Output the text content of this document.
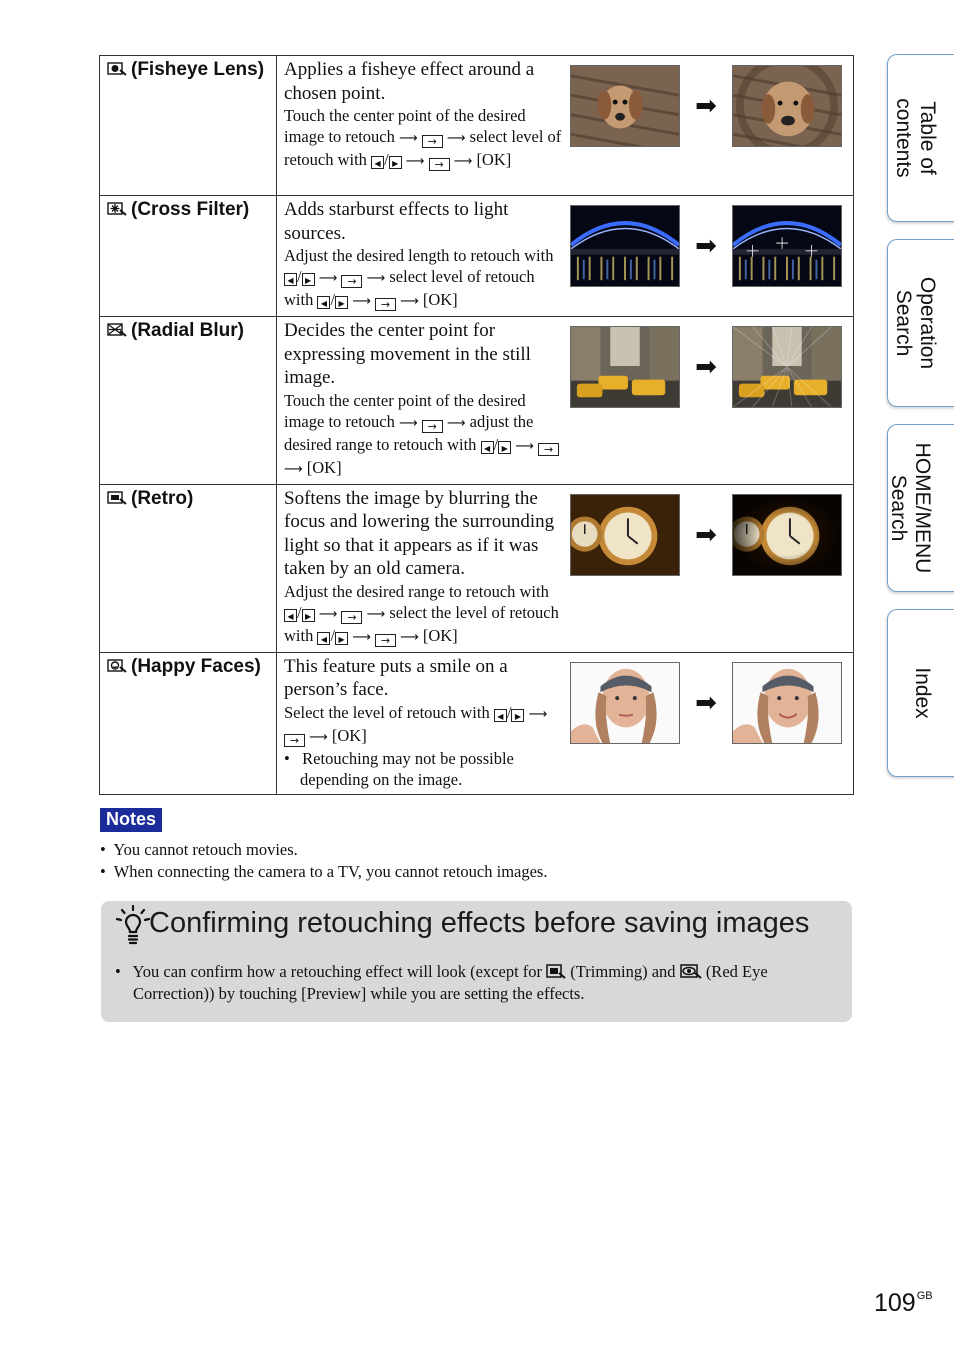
(Fisheye Lens)	Applies a fisheye effect around a chosen point.
Touch the center point of the desired image to retouch ⟶ → ⟶ select level of retouch with ◀ / ▶ ⟶ → ⟶ [OK]
➡

(Cross Filter)	Adds starburst effects to light sources.
Adjust the desired length to retouch with ◀ / ▶ ⟶ → ⟶ select level of retouch with ◀ / ▶ ⟶ → ⟶ [OK]
➡

(Radial Blur)	Decides the center point for expressing movement in the still image.
Touch the center point of the desired image to retouch ⟶ → ⟶ adjust the desired range to retouch with ◀ / ▶ ⟶ → ⟶ [OK]
➡

(Retro)	Softens the image by blurring the focus and lowering the surrounding light so that it appears as if it was taken by an old camera.
Adjust the desired range to retouch with ◀ / ▶ ⟶ → ⟶ select the level of retouch with ◀ / ▶ ⟶ → ⟶ [OK]
➡

(Happy Faces)	This feature puts a smile on a person’s face.
Select the level of retouch with ◀ / ▶ ⟶ → ⟶ [OK]
•   Retouching may not be possible depending on the image.
➡
Notes
•  You cannot retouch movies.
•  When connecting the camera to a TV, you cannot retouch images.
Confirming retouching effects before saving images
•   You can confirm how a retouching effect will look (except for  (Trimming) and  (Red Eye Correction)) by touching [Preview] while you are setting the effects.
Table of contents
Operation Search
HOME/MENU Search
Index
$109^{GB}$
